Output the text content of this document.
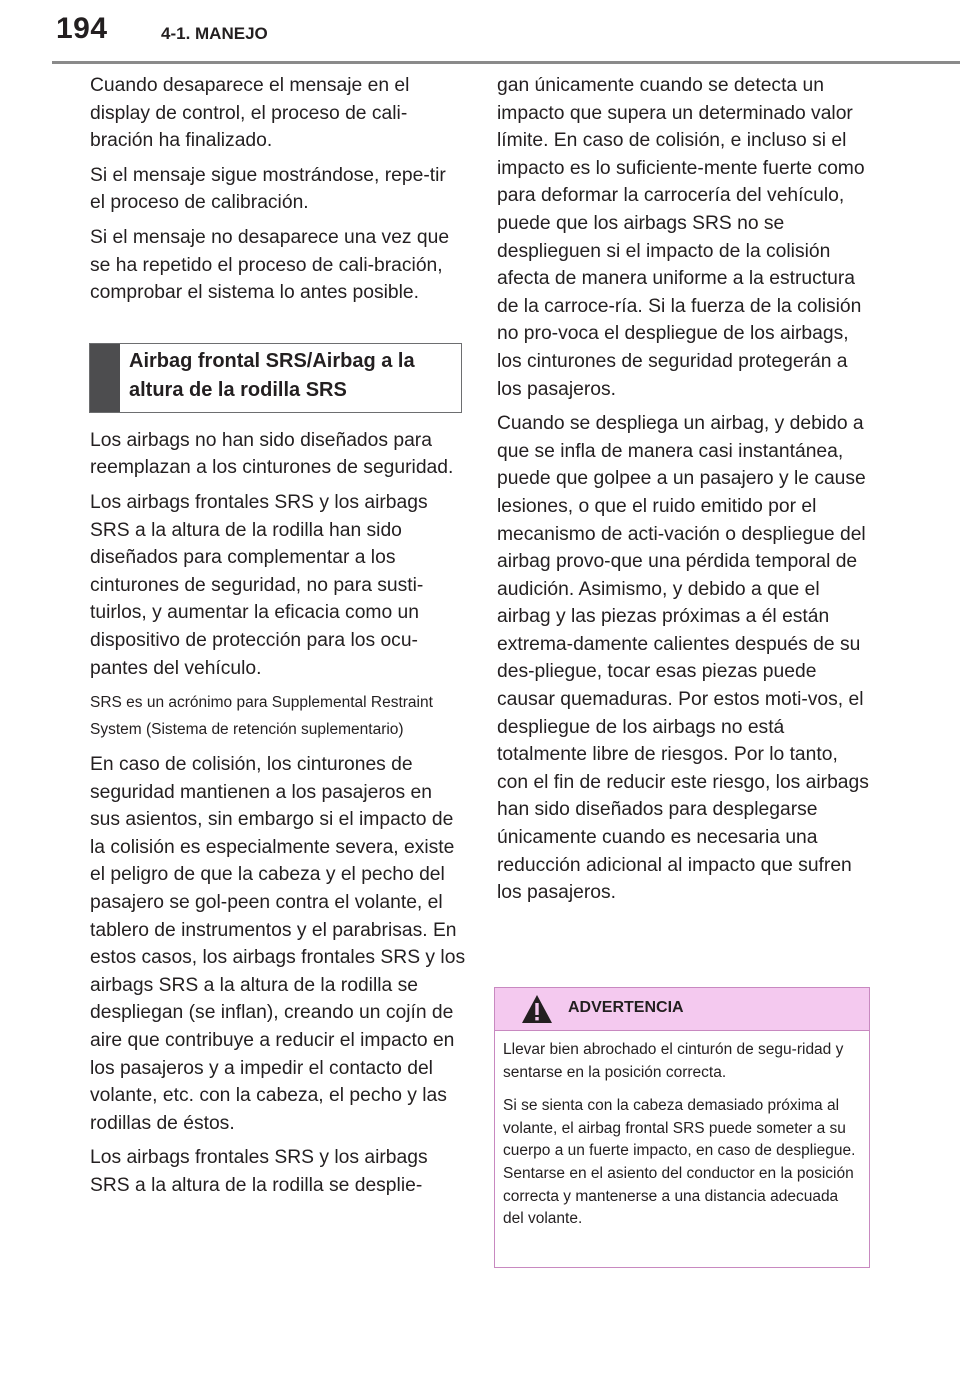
194	4-1. MANEJO

Cuando desaparece el mensaje en el display de control, el proceso de cali-bración ha finalizado.

Si el mensaje sigue mostrándose, repe-tir el proceso de calibración.

Si el mensaje no desaparece una vez que se ha repetido el proceso de cali-bración, comprobar el sistema lo antes posible.

Airbag frontal SRS/Airbag a la altura de la rodilla SRS

Los airbags no han sido diseñados para reemplazan a los cinturones de seguridad.

Los airbags frontales SRS y los airbags SRS a la altura de la rodilla han sido diseñados para complementar a los cinturones de seguridad, no para susti-tuirlos, y aumentar la eficacia como un dispositivo de protección para los ocu-pantes del vehículo.

SRS es un acrónimo para Supplemental Restraint System (Sistema de retención suplementario)

En caso de colisión, los cinturones de seguridad mantienen a los pasajeros en sus asientos, sin embargo si el impacto de la colisión es especialmente severa, existe el peligro de que la cabeza y el pecho del pasajero se gol-peen contra el volante, el tablero de instrumentos y el parabrisas. En estos casos, los airbags frontales SRS y los airbags SRS a la altura de la rodilla se despliegan (se inflan), creando un cojín de aire que contribuye a reducir el impacto en los pasajeros y a impedir el contacto del volante, etc. con la cabeza, el pecho y las rodillas de éstos.

Los airbags frontales SRS y los airbags SRS a la altura de la rodilla se desplie-

gan únicamente cuando se detecta un impacto que supera un determinado valor límite. En caso de colisión, e incluso si el impacto es lo suficiente-mente fuerte como para deformar la carrocería del vehículo, puede que los airbags SRS no se desplieguen si el impacto de la colisión afecta de manera uniforme a la estructura de la carroce-ría. Si la fuerza de la colisión no pro-voca el despliegue de los airbags, los cinturones de seguridad protegerán a los pasajeros.

Cuando se despliega un airbag, y debido a que se infla de manera casi instantánea, puede que golpee a un pasajero y le cause lesiones, o que el ruido emitido por el mecanismo de acti-vación o despliegue del airbag provo-que una pérdida temporal de audición. Asimismo, y debido a que el airbag y las piezas próximas a él están extrema-damente calientes después de su des-pliegue, tocar esas piezas puede causar quemaduras. Por estos moti-vos, el despliegue de los airbags no está totalmente libre de riesgos. Por lo tanto, con el fin de reducir este riesgo, los airbags han sido diseñados para desplegarse únicamente cuando es necesaria una reducción adicional al impacto que sufren los pasajeros.

ADVERTENCIA

Llevar bien abrochado el cinturón de segu-ridad y sentarse en la posición correcta.

Si se sienta con la cabeza demasiado próxima al volante, el airbag frontal SRS puede someter a su cuerpo a un fuerte impacto, en caso de despliegue. Sentarse en el asiento del conductor en la posición correcta y mantenerse a una distancia adecuada del volante.
